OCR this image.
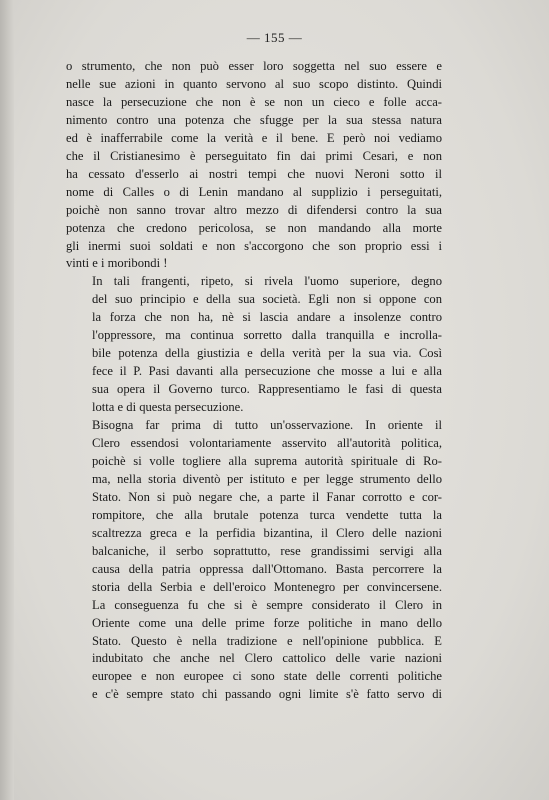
— 155 —

o strumento, che non può esser loro soggetta nel suo essere e
nelle sue azioni in quanto servono al suo scopo distinto. Quindi
nasce la persecuzione che non è se non un cieco e folle acca-
nimento contro una potenza che sfugge per la sua stessa natura
ed è inafferrabile come la verità e il bene. E però noi vediamo
che il Cristianesimo è perseguitato fin dai primi Cesari, e non
ha cessato d'esserlo ai nostri tempi che nuovi Neroni sotto il
nome di Calles o di Lenin mandano al supplizio i perseguitati,
poichè non sanno trovar altro mezzo di difendersi contro la sua
potenza che credono pericolosa, se non mandando alla morte
gli inermi suoi soldati e non s'accorgono che son proprio essi i
vinti e i moribondi !

In tali frangenti, ripeto, si rivela l'uomo superiore, degno
del suo principio e della sua società. Egli non si oppone con
la forza che non ha, nè si lascia andare a insolenze contro
l'oppressore, ma continua sorretto dalla tranquilla e incrolla-
bile potenza della giustizia e della verità per la sua via. Così
fece il P. Pasi davanti alla persecuzione che mosse a lui e alla
sua opera il Governo turco. Rappresentiamo le fasi di questa
lotta e di questa persecuzione.

Bisogna far prima di tutto un'osservazione. In oriente il
Clero essendosi volontariamente asservito all'autorità politica,
poichè si volle togliere alla suprema autorità spirituale di Ro-
ma, nella storia diventò per istituto e per legge strumento dello
Stato. Non si può negare che, a parte il Fanar corrotto e cor-
rompitore, che alla brutale potenza turca vendette tutta la
scaltrezza greca e la perfidia bizantina, il Clero delle nazioni
balcaniche, il serbo soprattutto, rese grandissimi servigi alla
causa della patria oppressa dall'Ottomano. Basta percorrere la
storia della Serbia e dell'eroico Montenegro per convincersene.
La conseguenza fu che si è sempre considerato il Clero in
Oriente come una delle prime forze politiche in mano dello
Stato. Questo è nella tradizione e nell'opinione pubblica. E
indubitato che anche nel Clero cattolico delle varie nazioni
europee e non europee ci sono state delle correnti politiche
e c'è sempre stato chi passando ogni limite s'è fatto servo di
